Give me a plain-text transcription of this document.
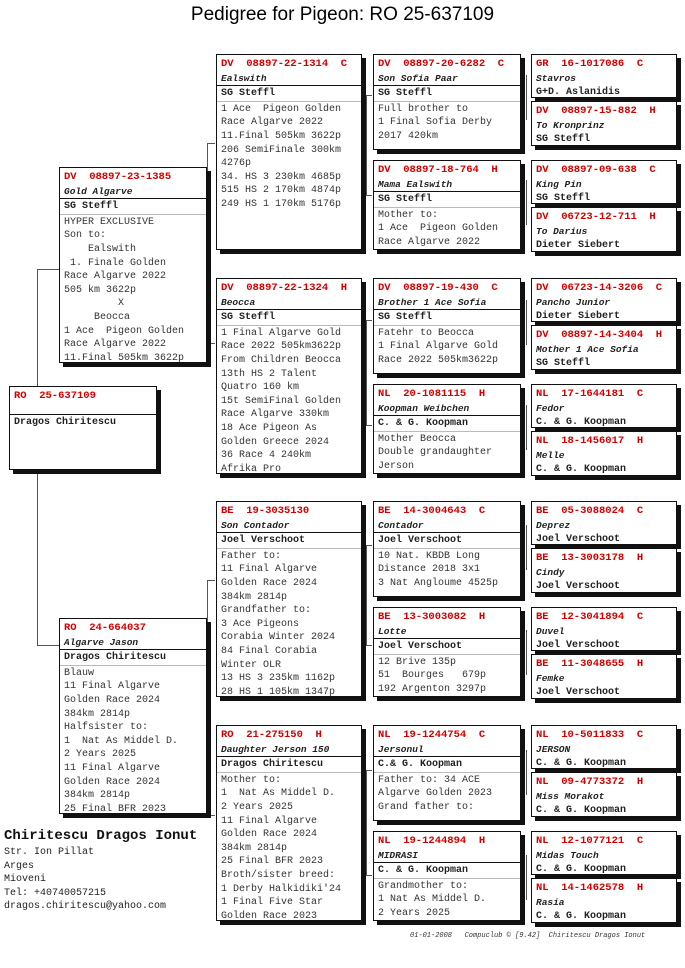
Pedigree for Pigeon: RO 25-637109
RO  25-637109
Dragos Chiritescu
DV  08897-23-1385
Gold Algarve
SG Steffl
HYPER EXCLUSIVE
Son to:
Ealswith
1. Finale Golden
Race Algarve 2022
505 km 3622p
X
Beocca
1 Ace  Pigeon Golden
Race Algarve 2022
11.Final 505km 3622p
RO  24-664037
Algarve Jason
Dragos Chiritescu
Blauw
11 Final Algarve
Golden Race 2024
384km 2814p
Halfsister to:
1  Nat As Middel D.
2 Years 2025
11 Final Algarve
Golden Race 2024
384km 2814p
25 Final BFR 2023
DV  08897-22-1314  C
Ealswith
SG Steffl
1 Ace  Pigeon Golden
Race Algarve 2022
11.Final 505km 3622p
206 SemiFinale 300km
4276p
34. HS 3 230km 4685p
515 HS 2 170km 4874p
249 HS 1 170km 5176p
DV  08897-22-1324  H
Beocca
SG Steffl
1 Final Algarve Gold
Race 2022 505km3622p
From Children Beocca
13th HS 2 Talent
Quatro 160 km
15t SemiFinal Golden
Race Algarve 330km
18 Ace Pigeon As
Golden Greece 2024
36 Race 4 240km
Afrika Pro
BE  19-3035130
Son Contador
Joel Verschoot
Father to:
11 Final Algarve
Golden Race 2024
384km 2814p
Grandfather to:
3 Ace Pigeons
Corabia Winter 2024
84 Final Corabia
Winter OLR
13 HS 3 235km 1162p
28 HS 1 105km 1347p
RO  21-275150  H
Daughter Jerson 150
Dragos Chiritescu
Mother to:
1  Nat As Middel D.
2 Years 2025
11 Final Algarve
Golden Race 2024
384km 2814p
25 Final BFR 2023
Broth/sister breed:
1 Derby Halkidiki'24
1 Final Five Star
Golden Race 2023
DV  08897-20-6282  C
Son Sofia Paar
SG Steffl
Full brother to
1 Final Sofia Derby
2017 420km
DV  08897-18-764  H
Mama Ealswith
SG Steffl
Mother to:
1 Ace  Pigeon Golden
Race Algarve 2022
DV  08897-19-430  C
Brother 1 Ace Sofia
SG Steffl
Fatehr to Beocca
1 Final Algarve Gold
Race 2022 505km3622p
NL  20-1081115  H
Koopman Weibchen
C. & G. Koopman
Mother Beocca
Double grandaughter
Jerson
BE  14-3004643  C
Contador
Joel Verschoot
10 Nat. KBDB Long
Distance 2018 3x1
3 Nat Angloume 4525p
BE  13-3003082  H
Lotte
Joel Verschoot
12 Brive 135p
51  Bourges   679p
192 Argenton 3297p
NL  19-1244754  C
Jersonul
C.& G. Koopman
Father to: 34 ACE
Algarve Golden 2023
Grand father to:
NL  19-1244894  H
MIDRASI
C. & G. Koopman
Grandmother to:
1 Nat As Middel D.
2 Years 2025
GR  16-1017086  C
Stavros
G+D. Aslanidis
DV  08897-15-882  H
To Kronprinz
SG Steffl
DV  08897-09-638  C
King Pin
SG Steffl
DV  06723-12-711  H
To Darius
Dieter Siebert
DV  06723-14-3206  C
Pancho Junior
Dieter Siebert
DV  08897-14-3404  H
Mother 1 Ace Sofia
SG Steffl
NL  17-1644181  C
Fedor
C. & G. Koopman
NL  18-1456017  H
Melle
C. & G. Koopman
BE  05-3088024  C
Deprez
Joel Verschoot
BE  13-3003178  H
Cindy
Joel Verschoot
BE  12-3041894  C
Duvel
Joel Verschoot
BE  11-3048655  H
Femke
Joel Verschoot
NL  10-5011833  C
JERSON
C. & G. Koopman
NL  09-4773372  H
Miss Morakot
C. & G. Koopman
NL  12-1077121  C
Midas Touch
C. & G. Koopman
NL  14-1462578  H
Rasia
C. & G. Koopman
Chiritescu Dragos Ionut
Str. Ion Pillat
Arges
Mioveni
Tel: +40740057215
dragos.chiritescu@yahoo.com
01-01-2008   Compuclub © [9.42]  Chiritescu Dragos Ionut
